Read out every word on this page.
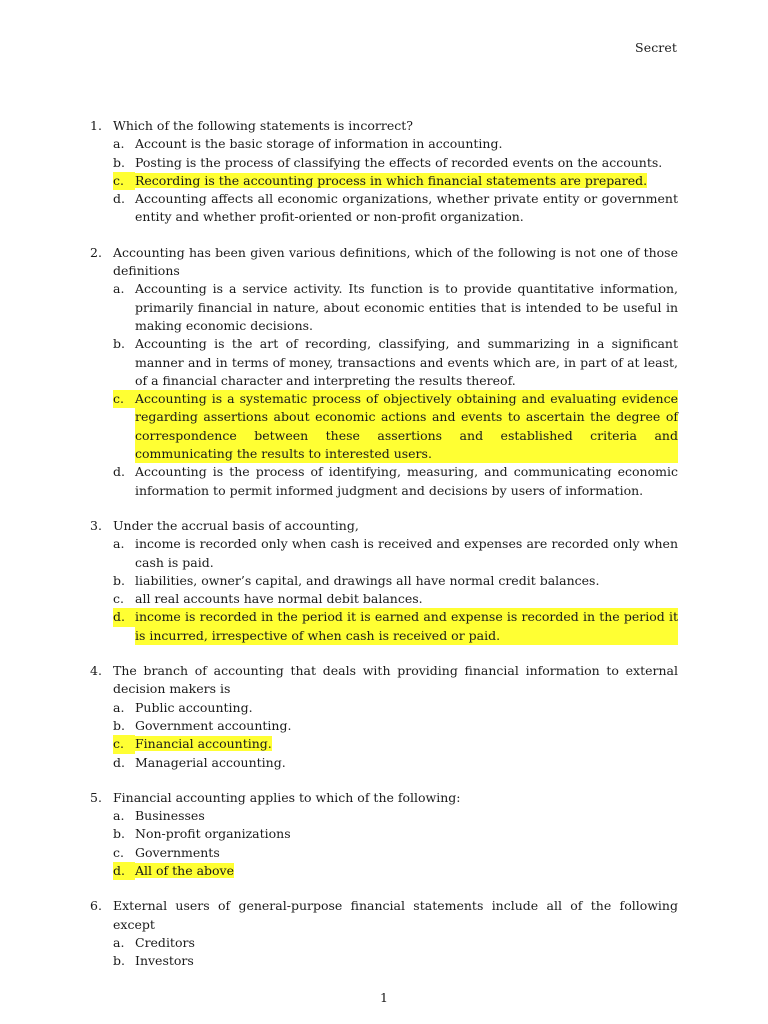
Secret
1. Which of the following statements is incorrect?
a. Account is the basic storage of information in accounting.
b. Posting is the process of classifying the effects of recorded events on the accounts.
c. Recording is the accounting process in which financial statements are prepared.
d. Accounting affects all economic organizations, whether private entity or government entity and whether profit-oriented or non-profit organization.
2. Accounting has been given various definitions, which of the following is not one of those definitions
a. Accounting is a service activity. Its function is to provide quantitative information, primarily financial in nature, about economic entities that is intended to be useful in making economic decisions.
b. Accounting is the art of recording, classifying, and summarizing in a significant manner and in terms of money, transactions and events which are, in part of at least, of a financial character and interpreting the results thereof.
c. Accounting is a systematic process of objectively obtaining and evaluating evidence regarding assertions about economic actions and events to ascertain the degree of correspondence between these assertions and established criteria and communicating the results to interested users.
d. Accounting is the process of identifying, measuring, and communicating economic information to permit informed judgment and decisions by users of information.
3. Under the accrual basis of accounting,
a. income is recorded only when cash is received and expenses are recorded only when cash is paid.
b. liabilities, owner’s capital, and drawings all have normal credit balances.
c. all real accounts have normal debit balances.
d. income is recorded in the period it is earned and expense is recorded in the period it is incurred, irrespective of when cash is received or paid.
4. The branch of accounting that deals with providing financial information to external decision makers is
a. Public accounting.
b. Government accounting.
c. Financial accounting.
d. Managerial accounting.
5. Financial accounting applies to which of the following:
a. Businesses
b. Non-profit organizations
c. Governments
d. All of the above
6. External users of general-purpose financial statements include all of the following except
a. Creditors
b. Investors
1
